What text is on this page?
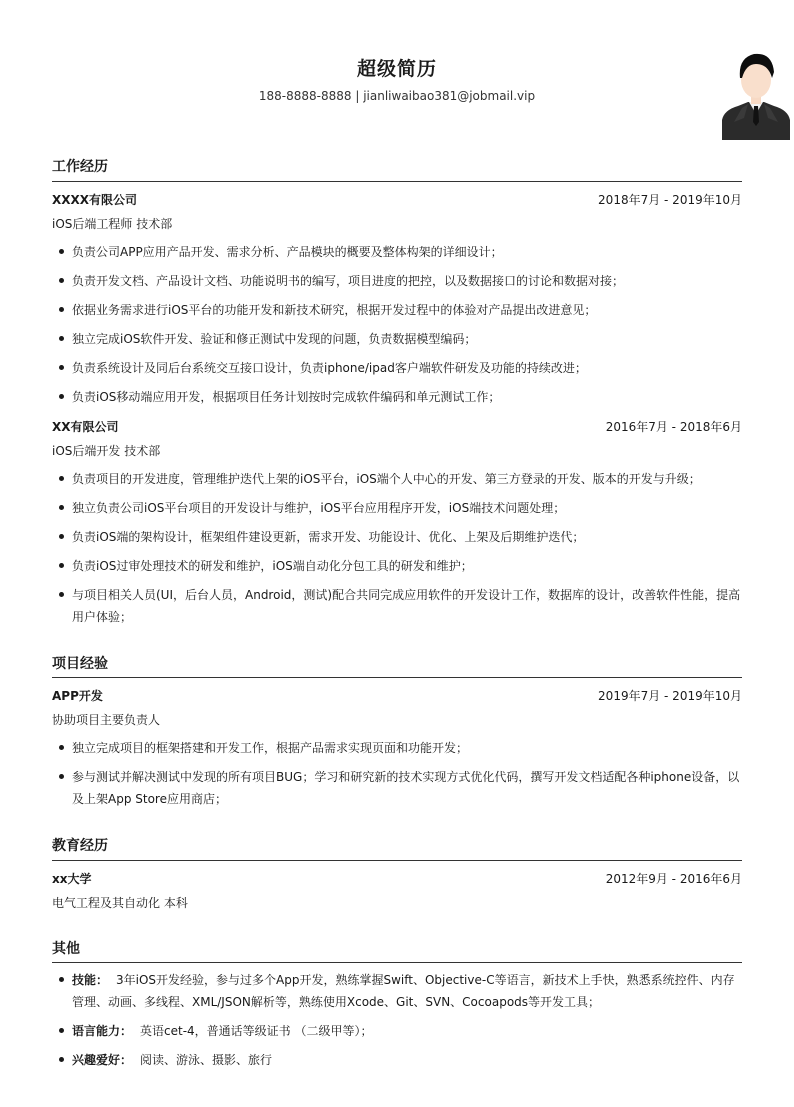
超级简历
188-8888-8888 | jianliwaibao381@jobmail.vip
工作经历
XXXX有限公司	2018年7月 - 2019年10月
iOS后端工程师 技术部
负责公司APP应用产品开发、需求分析、产品模块的概要及整体构架的详细设计；
负责开发文档、产品设计文档、功能说明书的编写，项目进度的把控，以及数据接口的讨论和数据对接；
依据业务需求进行iOS平台的功能开发和新技术研究，根据开发过程中的体验对产品提出改进意见；
独立完成iOS软件开发、验证和修正测试中发现的问题，负责数据模型编码；
负责系统设计及同后台系统交互接口设计，负责iphone/ipad客户端软件研发及功能的持续改进；
负责iOS移动端应用开发，根据项目任务计划按时完成软件编码和单元测试工作；
XX有限公司	2016年7月 - 2018年6月
iOS后端开发 技术部
负责项目的开发进度，管理维护迭代上架的iOS平台，iOS端个人中心的开发、第三方登录的开发、版本的开发与升级；
独立负责公司iOS平台项目的开发设计与维护，iOS平台应用程序开发，iOS端技术问题处理；
负责iOS端的架构设计，框架组件建设更新，需求开发、功能设计、优化、上架及后期维护迭代；
负责iOS过审处理技术的研发和维护，iOS端自动化分包工具的研发和维护；
与项目相关人员(UI，后台人员，Android，测试)配合共同完成应用软件的开发设计工作，数据库的设计，改善软件性能，提高用户体验；
项目经验
APP开发	2019年7月 - 2019年10月
协助项目主要负责人
独立完成项目的框架搭建和开发工作，根据产品需求实现页面和功能开发；
参与测试并解决测试中发现的所有项目BUG；学习和研究新的技术实现方式优化代码，撰写开发文档适配各种iphone设备，以及上架App Store应用商店；
教育经历
xx大学	2012年9月 - 2016年6月
电气工程及其自动化 本科
其他
技能： 3年iOS开发经验，参与过多个App开发，熟练掌握Swift、Objective-C等语言，新技术上手快，熟悉系统控件、内存管理、动画、多线程、XML/JSON解析等，熟练使用Xcode、Git、SVN、Cocoapods等开发工具；
语言能力： 英语cet-4，普通话等级证书 （二级甲等）；
兴趣爱好： 阅读、游泳、摄影、旅行
